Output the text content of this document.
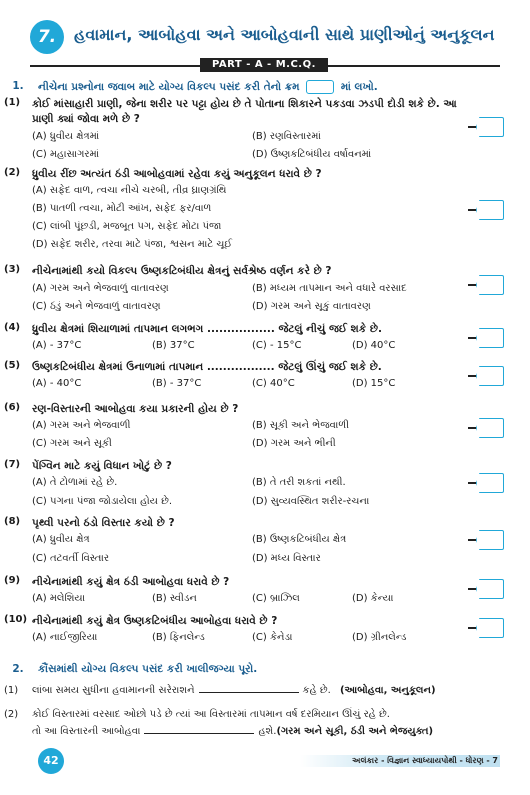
7.	હવામાન, આબોહવા અને આબોહવાની સાથે પ્રાણીઓનું અનુકૂલન
PART - A - M.C.Q.
1.	નીચેના પ્રશ્નોના જવાબ માટે યોગ્ય વિકલ્પ પસંદ કરી તેનો ક્રમ	માં લખો.
(1) કોઈ માંસાહારી પ્રાણી, જેના શરીર પર પટ્ટા હોય છે તે પોતાના શિકારને પકડવા ઝડપી દોડી શકે છે. આ પ્રાણી ક્યાં જોવા મળે છે ?
(A) ધ્રુવીય ક્ષેત્રમાં	(B) રણવિસ્તારમાં
(C) મહાસાગરમાં	(D) ઉષ્ણકટિબંધીય વર્ષાવનમાં
(2) ધ્રુવીય રીંછ અત્યંત ઠંડી આબોહવામાં રહેવા કયું અનુકૂલન ધરાવે છે ?
(A) સફેદ વાળ, ત્વચા નીચે ચરબી, તીવ્ર ઘ્રાણગ્રંથિ
(B) પાતળી ત્વચા, મોટી આંખ, સફેદ ફર/વાળ
(C) લાંબી પૂંછડી, મજબૂત પગ, સફેદ મોટા પંજા
(D) સફેદ શરીર, તરવા માટે પંજા, શ્વસન માટે ચૂઈ
(3) નીચેનામાંથી કયો વિકલ્પ ઉષ્ણકટિબંધીય ક્ષેત્રનું સર્વશ્રેષ્ઠ વર્ણન કરે છે ?
(A) ગરમ અને ભેજવાળું વાતાવરણ	(B) મધ્યમ તાપમાન અને વધારે વરસાદ
(C) ઠંડું અને ભેજવાળું વાતાવરણ	(D) ગરમ અને સૂકું વાતાવરણ
(4) ધ્રુવીય ક્ષેત્રમાં શિયાળામાં તાપમાન લગભગ ................. જેટલું નીચું જઈ શકે છે.
(A) - 37°C	(B) 37°C	(C) - 15°C	(D) 40°C
(5) ઉષ્ણકટિબંધીય ક્ષેત્રમાં ઉનાળામાં તાપમાન ................. જેટલું ઊંચું જઈ શકે છે.
(A) - 40°C	(B) - 37°C	(C) 40°C	(D) 15°C
(6) રણ-વિસ્તારની આબોહવા કયા પ્રકારની હોય છે ?
(A) ગરમ અને ભેજવાળી	(B) સૂકી અને ભેજવાળી
(C) ગરમ અને સૂકી	(D) ગરમ અને ભીની
(7) પેંગ્વિન માટે કયું વિધાન ખોટું છે ?
(A) તે ટોળામાં રહે છે.	(B) તે તરી શકતાં નથી.
(C) પગના પંજા જોડાયેલા હોય છે.	(D) સુવ્યવસ્થિત શરીર-રચના
(8) પૃથ્વી પરનો ઠંડો વિસ્તાર કયો છે ?
(A) ધ્રુવીય ક્ષેત્ર	(B) ઉષ્ણકટિબંધીય ક્ષેત્ર
(C) તટવર્તી વિસ્તાર	(D) મધ્ય વિસ્તાર
(9) નીચેનામાંથી કયું ક્ષેત્ર ઠંડી આબોહવા ધરાવે છે ?
(A) મલેશિયા	(B) સ્વીડન	(C) બ્રાઝિલ	(D) કેન્યા
(10) નીચેનામાંથી કયું ક્ષેત્ર ઉષ્ણકટિબંધીય આબોહવા ધરાવે છે ?
(A) નાઈજીરિયા	(B) ફિનલેન્ડ	(C) કેનેડા	(D) ગ્રીનલેન્ડ
2.	કૌંસમાંથી યોગ્ય વિકલ્પ પસંદ કરી ખાલીજગ્યા પૂરો.
(1) લાંબા સમય સુધીના હવામાનની સરેરાશને	કહે છે. (આબોહવા, અનુકૂલન)
(2) કોઈ વિસ્તારમાં વરસાદ ઓછો પડે છે ત્યાં આ વિસ્તારમાં તાપમાન વર્ષ દરમિયાન ઊંચું રહે છે.
તો આ વિસ્તારની આબોહવા	હશે.(ગરમ અને સૂકી, ઠંડી અને ભેજયુક્ત)
42	અલંકાર - વિજ્ઞાન સ્વાધ્યાયપોથી - ધોરણ - 7
